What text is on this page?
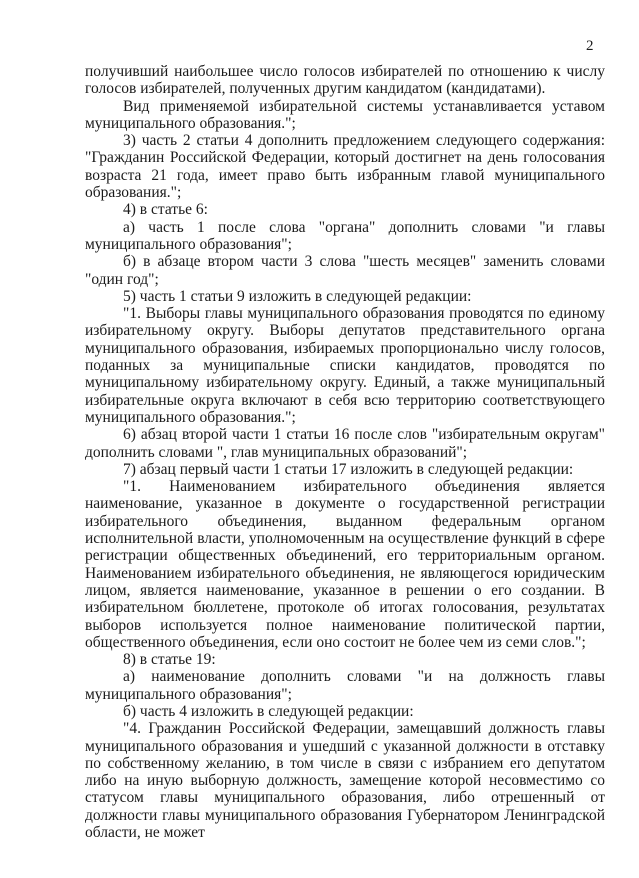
2

получивший наибольшее число голосов избирателей по отношению к числу голосов избирателей, полученных другим кандидатом (кандидатами).

Вид применяемой избирательной системы устанавливается уставом муниципального образования.";

3) часть 2 статьи 4 дополнить предложением следующего содержания: "Гражданин Российской Федерации, который достигнет на день голосования возраста 21 года, имеет право быть избранным главой муниципального образования.";

4) в статье 6:

а) часть 1 после слова "органа" дополнить словами "и главы муниципального образования";

б) в абзаце втором части 3 слова "шесть месяцев" заменить словами "один год";

5) часть 1 статьи 9 изложить в следующей редакции:

"1. Выборы главы муниципального образования проводятся по единому избирательному округу. Выборы депутатов представительного органа муниципального образования, избираемых пропорционально числу голосов, поданных за муниципальные списки кандидатов, проводятся по муниципальному избирательному округу. Единый, а также муниципальный избирательные округа включают в себя всю территорию соответствующего муниципального образования.";

6) абзац второй части 1 статьи 16 после слов "избирательным округам" дополнить словами ", глав муниципальных образований";

7) абзац первый части 1 статьи 17 изложить в следующей редакции:

"1. Наименованием избирательного объединения является наименование, указанное в документе о государственной регистрации избирательного объединения, выданном федеральным органом исполнительной власти, уполномоченным на осуществление функций в сфере регистрации общественных объединений, его территориальным органом. Наименованием избирательного объединения, не являющегося юридическим лицом, является наименование, указанное в решении о его создании. В избирательном бюллетене, протоколе об итогах голосования, результатах выборов используется полное наименование политической партии, общественного объединения, если оно состоит не более чем из семи слов.";

8) в статье 19:

а) наименование дополнить словами "и на должность главы муниципального образования";

б) часть 4 изложить в следующей редакции:

"4. Гражданин Российской Федерации, замещавший должность главы муниципального образования и ушедший с указанной должности в отставку по собственному желанию, в том числе в связи с избранием его депутатом либо на иную выборную должность, замещение которой несовместимо со статусом главы муниципального образования, либо отрешенный от должности главы муниципального образования Губернатором Ленинградской области, не может
